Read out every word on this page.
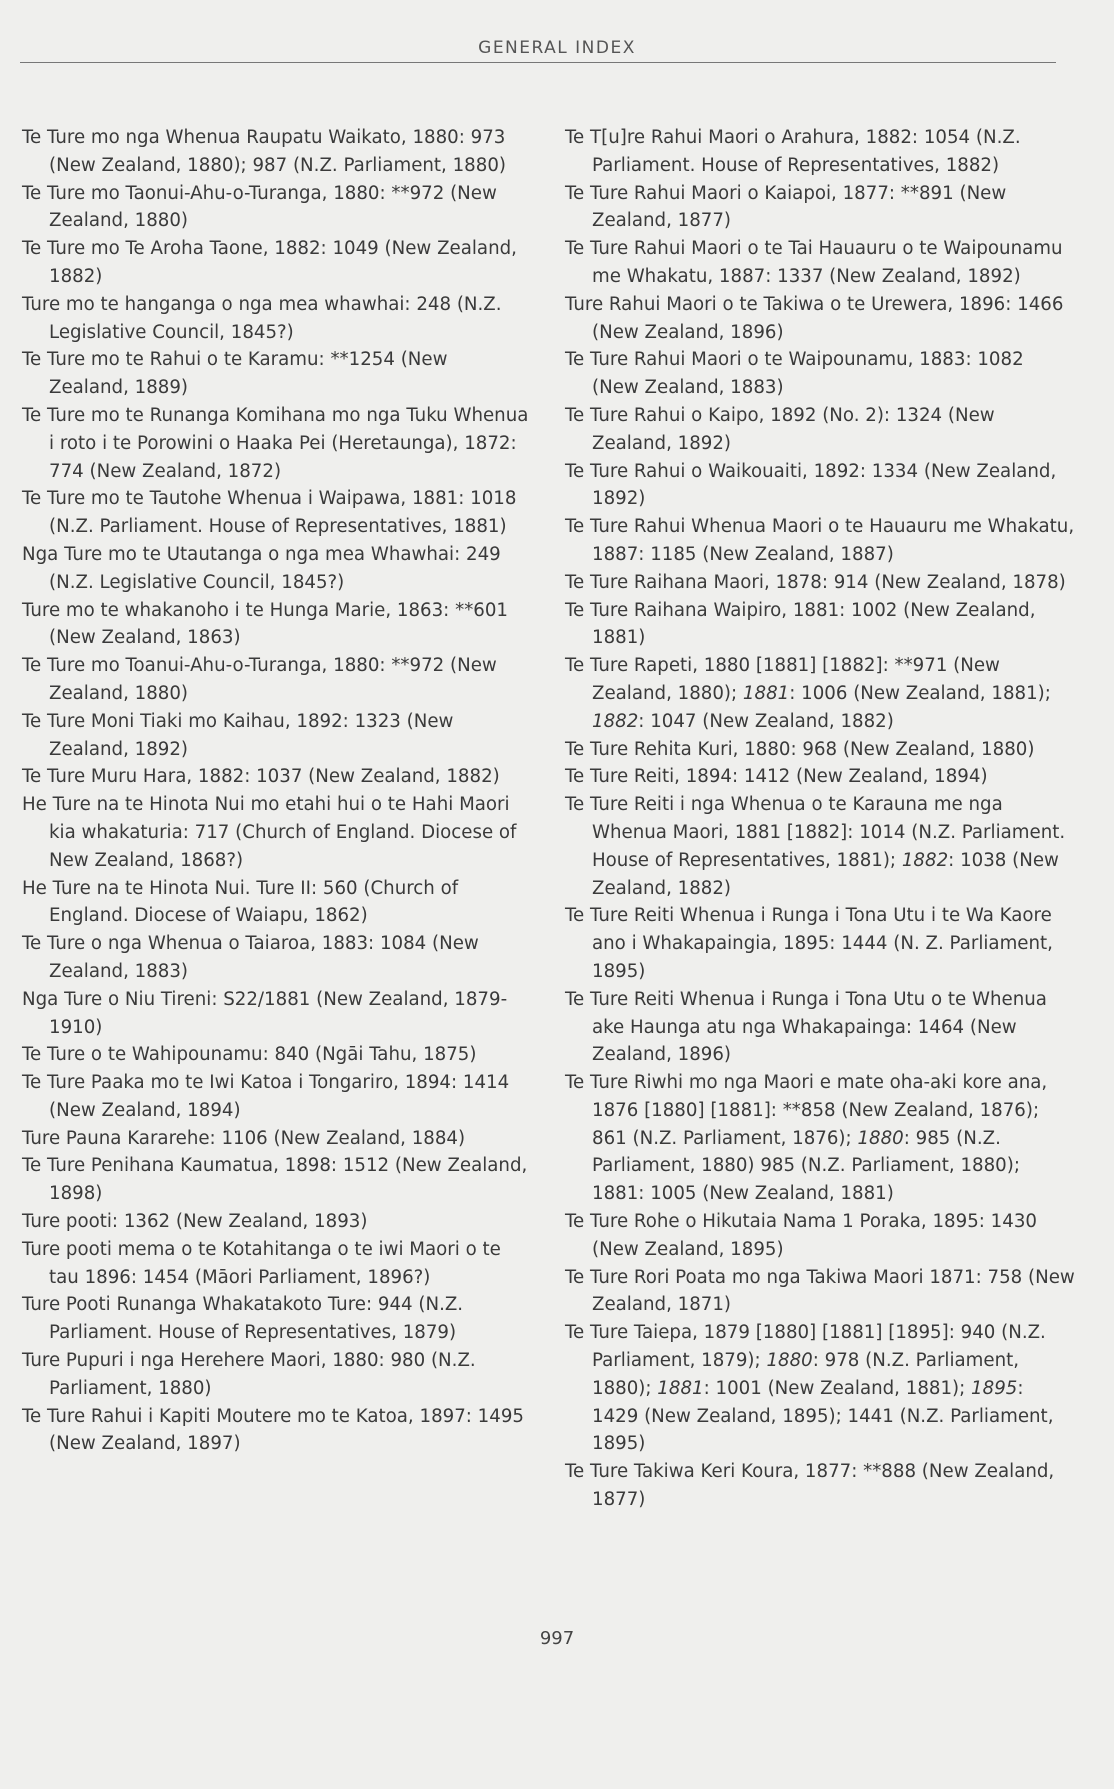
GENERAL INDEX

Te Ture mo nga Whenua Raupatu Waikato, 1880: 973 (New Zealand, 1880); 987 (N.Z. Parliament, 1880)

Te Ture mo Taonui-Ahu-o-Turanga, 1880: **972 (New Zealand, 1880)

Te Ture mo Te Aroha Taone, 1882: 1049 (New Zealand, 1882)

Ture mo te hanganga o nga mea whawhai: 248 (N.Z. Legislative Council, 1845?)

Te Ture mo te Rahui o te Karamu: **1254 (New Zealand, 1889)

Te Ture mo te Runanga Komihana mo nga Tuku Whenua i roto i te Porowini o Haaka Pei (Heretaunga), 1872: 774 (New Zealand, 1872)

Te Ture mo te Tautohe Whenua i Waipawa, 1881: 1018 (N.Z. Parliament. House of Representatives, 1881)

Nga Ture mo te Utautanga o nga mea Whawhai: 249 (N.Z. Legislative Council, 1845?)

Ture mo te whakanoho i te Hunga Marie, 1863: **601 (New Zealand, 1863)

Te Ture mo Toanui-Ahu-o-Turanga, 1880: **972 (New Zealand, 1880)

Te Ture Moni Tiaki mo Kaihau, 1892: 1323 (New Zealand, 1892)

Te Ture Muru Hara, 1882: 1037 (New Zealand, 1882)

He Ture na te Hinota Nui mo etahi hui o te Hahi Maori kia whakaturia: 717 (Church of England. Diocese of New Zealand, 1868?)

He Ture na te Hinota Nui. Ture II: 560 (Church of England. Diocese of Waiapu, 1862)

Te Ture o nga Whenua o Taiaroa, 1883: 1084 (New Zealand, 1883)

Nga Ture o Niu Tireni: S22/1881 (New Zealand, 1879-1910)

Te Ture o te Wahipounamu: 840 (Ngāi Tahu, 1875)

Te Ture Paaka mo te Iwi Katoa i Tongariro, 1894: 1414 (New Zealand, 1894)

Ture Pauna Kararehe: 1106 (New Zealand, 1884)

Te Ture Penihana Kaumatua, 1898: 1512 (New Zealand, 1898)

Ture pooti: 1362 (New Zealand, 1893)

Ture pooti mema o te Kotahitanga o te iwi Maori o te tau 1896: 1454 (Māori Parliament, 1896?)

Ture Pooti Runanga Whakatakoto Ture: 944 (N.Z. Parliament. House of Representatives, 1879)

Ture Pupuri i nga Herehere Maori, 1880: 980 (N.Z. Parliament, 1880)

Te Ture Rahui i Kapiti Moutere mo te Katoa, 1897: 1495 (New Zealand, 1897)

Te T[u]re Rahui Maori o Arahura, 1882: 1054 (N.Z. Parliament. House of Representatives, 1882)

Te Ture Rahui Maori o Kaiapoi, 1877: **891 (New Zealand, 1877)

Te Ture Rahui Maori o te Tai Hauauru o te Waipounamu me Whakatu, 1887: 1337 (New Zealand, 1892)

Ture Rahui Maori o te Takiwa o te Urewera, 1896: 1466 (New Zealand, 1896)

Te Ture Rahui Maori o te Waipounamu, 1883: 1082 (New Zealand, 1883)

Te Ture Rahui o Kaipo, 1892 (No. 2): 1324 (New Zealand, 1892)

Te Ture Rahui o Waikouaiti, 1892: 1334 (New Zealand, 1892)

Te Ture Rahui Whenua Maori o te Hauauru me Whakatu, 1887: 1185 (New Zealand, 1887)

Te Ture Raihana Maori, 1878: 914 (New Zealand, 1878)

Te Ture Raihana Waipiro, 1881: 1002 (New Zealand, 1881)

Te Ture Rapeti, 1880 [1881] [1882]: **971 (New Zealand, 1880); 1881: 1006 (New Zealand, 1881); 1882: 1047 (New Zealand, 1882)

Te Ture Rehita Kuri, 1880: 968 (New Zealand, 1880)

Te Ture Reiti, 1894: 1412 (New Zealand, 1894)

Te Ture Reiti i nga Whenua o te Karauna me nga Whenua Maori, 1881 [1882]: 1014 (N.Z. Parliament. House of Representatives, 1881); 1882: 1038 (New Zealand, 1882)

Te Ture Reiti Whenua i Runga i Tona Utu i te Wa Kaore ano i Whakapaingia, 1895: 1444 (N. Z. Parliament, 1895)

Te Ture Reiti Whenua i Runga i Tona Utu o te Whenua ake Haunga atu nga Whakapainga: 1464 (New Zealand, 1896)

Te Ture Riwhi mo nga Maori e mate oha-aki kore ana, 1876 [1880] [1881]: **858 (New Zealand, 1876); 861 (N.Z. Parliament, 1876); 1880: 985 (N.Z. Parliament, 1880) 985 (N.Z. Parliament, 1880); 1881: 1005 (New Zealand, 1881)

Te Ture Rohe o Hikutaia Nama 1 Poraka, 1895: 1430 (New Zealand, 1895)

Te Ture Rori Poata mo nga Takiwa Maori 1871: 758 (New Zealand, 1871)

Te Ture Taiepa, 1879 [1880] [1881] [1895]: 940 (N.Z. Parliament, 1879); 1880: 978 (N.Z. Parliament, 1880); 1881: 1001 (New Zealand, 1881); 1895: 1429 (New Zealand, 1895); 1441 (N.Z. Parliament, 1895)

Te Ture Takiwa Keri Koura, 1877: **888 (New Zealand, 1877)

997
